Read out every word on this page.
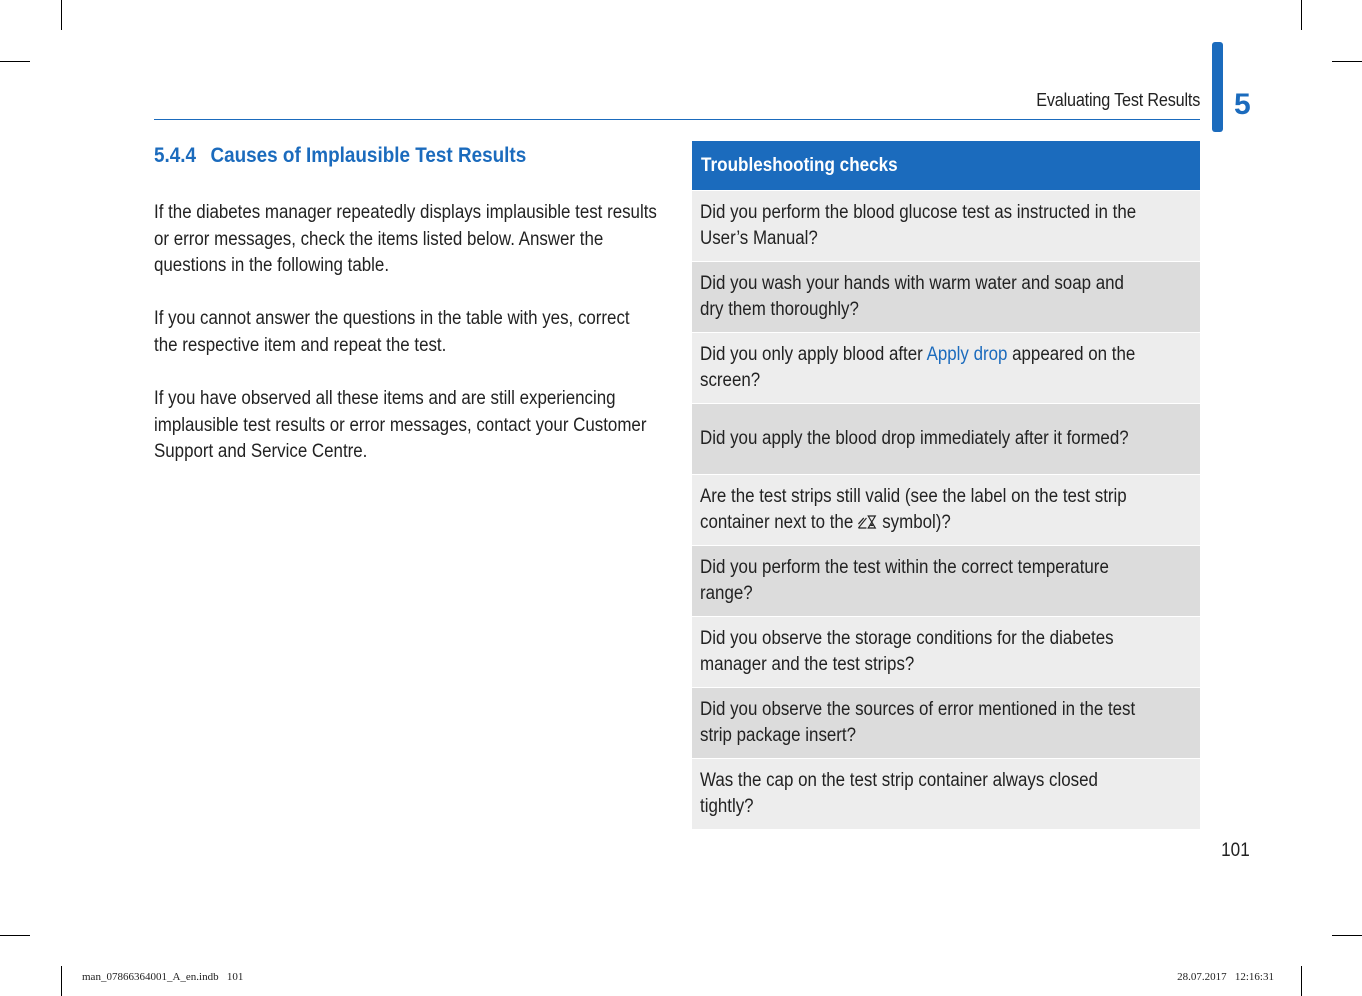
Evaluating Test Results 5
5.4.4 Causes of Implausible Test Results
If the diabetes manager repeatedly displays implausible test results or error messages, check the items listed below. Answer the questions in the following table.
If you cannot answer the questions in the table with yes, correct the respective item and repeat the test.
If you have observed all these items and are still experiencing implausible test results or error messages, contact your Customer Support and Service Centre.
Troubleshooting checks
Did you perform the blood glucose test as instructed in the User’s Manual?
Did you wash your hands with warm water and soap and dry them thoroughly?
Did you only apply blood after Apply drop appeared on the screen?
Did you apply the blood drop immediately after it formed?
Are the test strips still valid (see the label on the test strip container next to the  symbol)?
Did you perform the test within the correct temperature range?
Did you observe the storage conditions for the diabetes manager and the test strips?
Did you observe the sources of error mentioned in the test strip package insert?
Was the cap on the test strip container always closed tightly?
101
man_07866364001_A_en.indb   101	28.07.2017   12:16:31
